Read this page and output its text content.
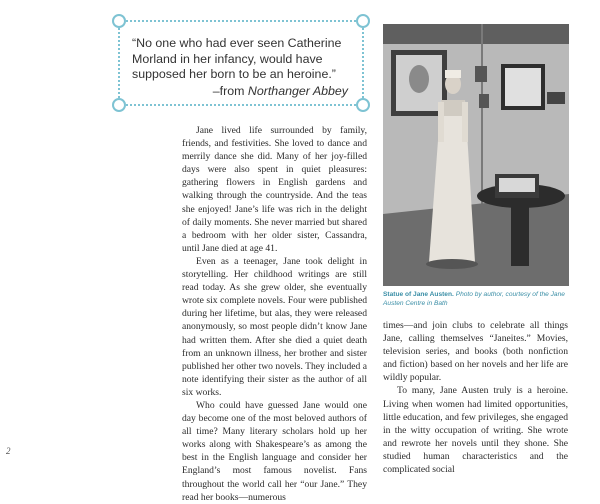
“No one who had ever seen Catherine Morland in her infancy, would have supposed her born to be an heroine.”
–from Northanger Abbey

Jane lived life surrounded by family, friends, and festivities. She loved to dance and merrily dance she did. Many of her joy-filled days were also spent in quiet pleasures: gathering flowers in English gardens and walking through the countryside. And the teas she enjoyed! Jane’s life was rich in the delight of daily moments. She never married but shared a bedroom with her older sister, Cassandra, until Jane died at age 41.

Even as a teenager, Jane took delight in storytelling. Her childhood writings are still read today. As she grew older, she eventually wrote six complete novels. Four were published during her lifetime, but alas, they were released anonymously, so most people didn’t know Jane had written them. After she died a quiet death from an unknown illness, her brother and sister published her other two novels. They included a note identifying their sister as the author of all six works.

Who could have guessed Jane would one day become one of the most beloved authors of all time? Many literary scholars hold up her works along with Shakespeare’s as among the best in the English language and consider her England’s most famous novelist. Fans throughout the world call her “our Jane.” They read her books—numerous

Statue of Jane Austen. Photo by author, courtesy of the Jane Austen Centre in Bath

times—and join clubs to celebrate all things Jane, calling themselves “Janeites.” Movies, television series, and books (both nonfiction and fiction) based on her novels and her life are wildly popular.

To many, Jane Austen truly is a heroine. Living when women had limited opportunities, little education, and few privileges, she engaged in the witty occupation of writing. She wrote and rewrote her novels until they shone. She studied human characteristics and the complicated social

2
